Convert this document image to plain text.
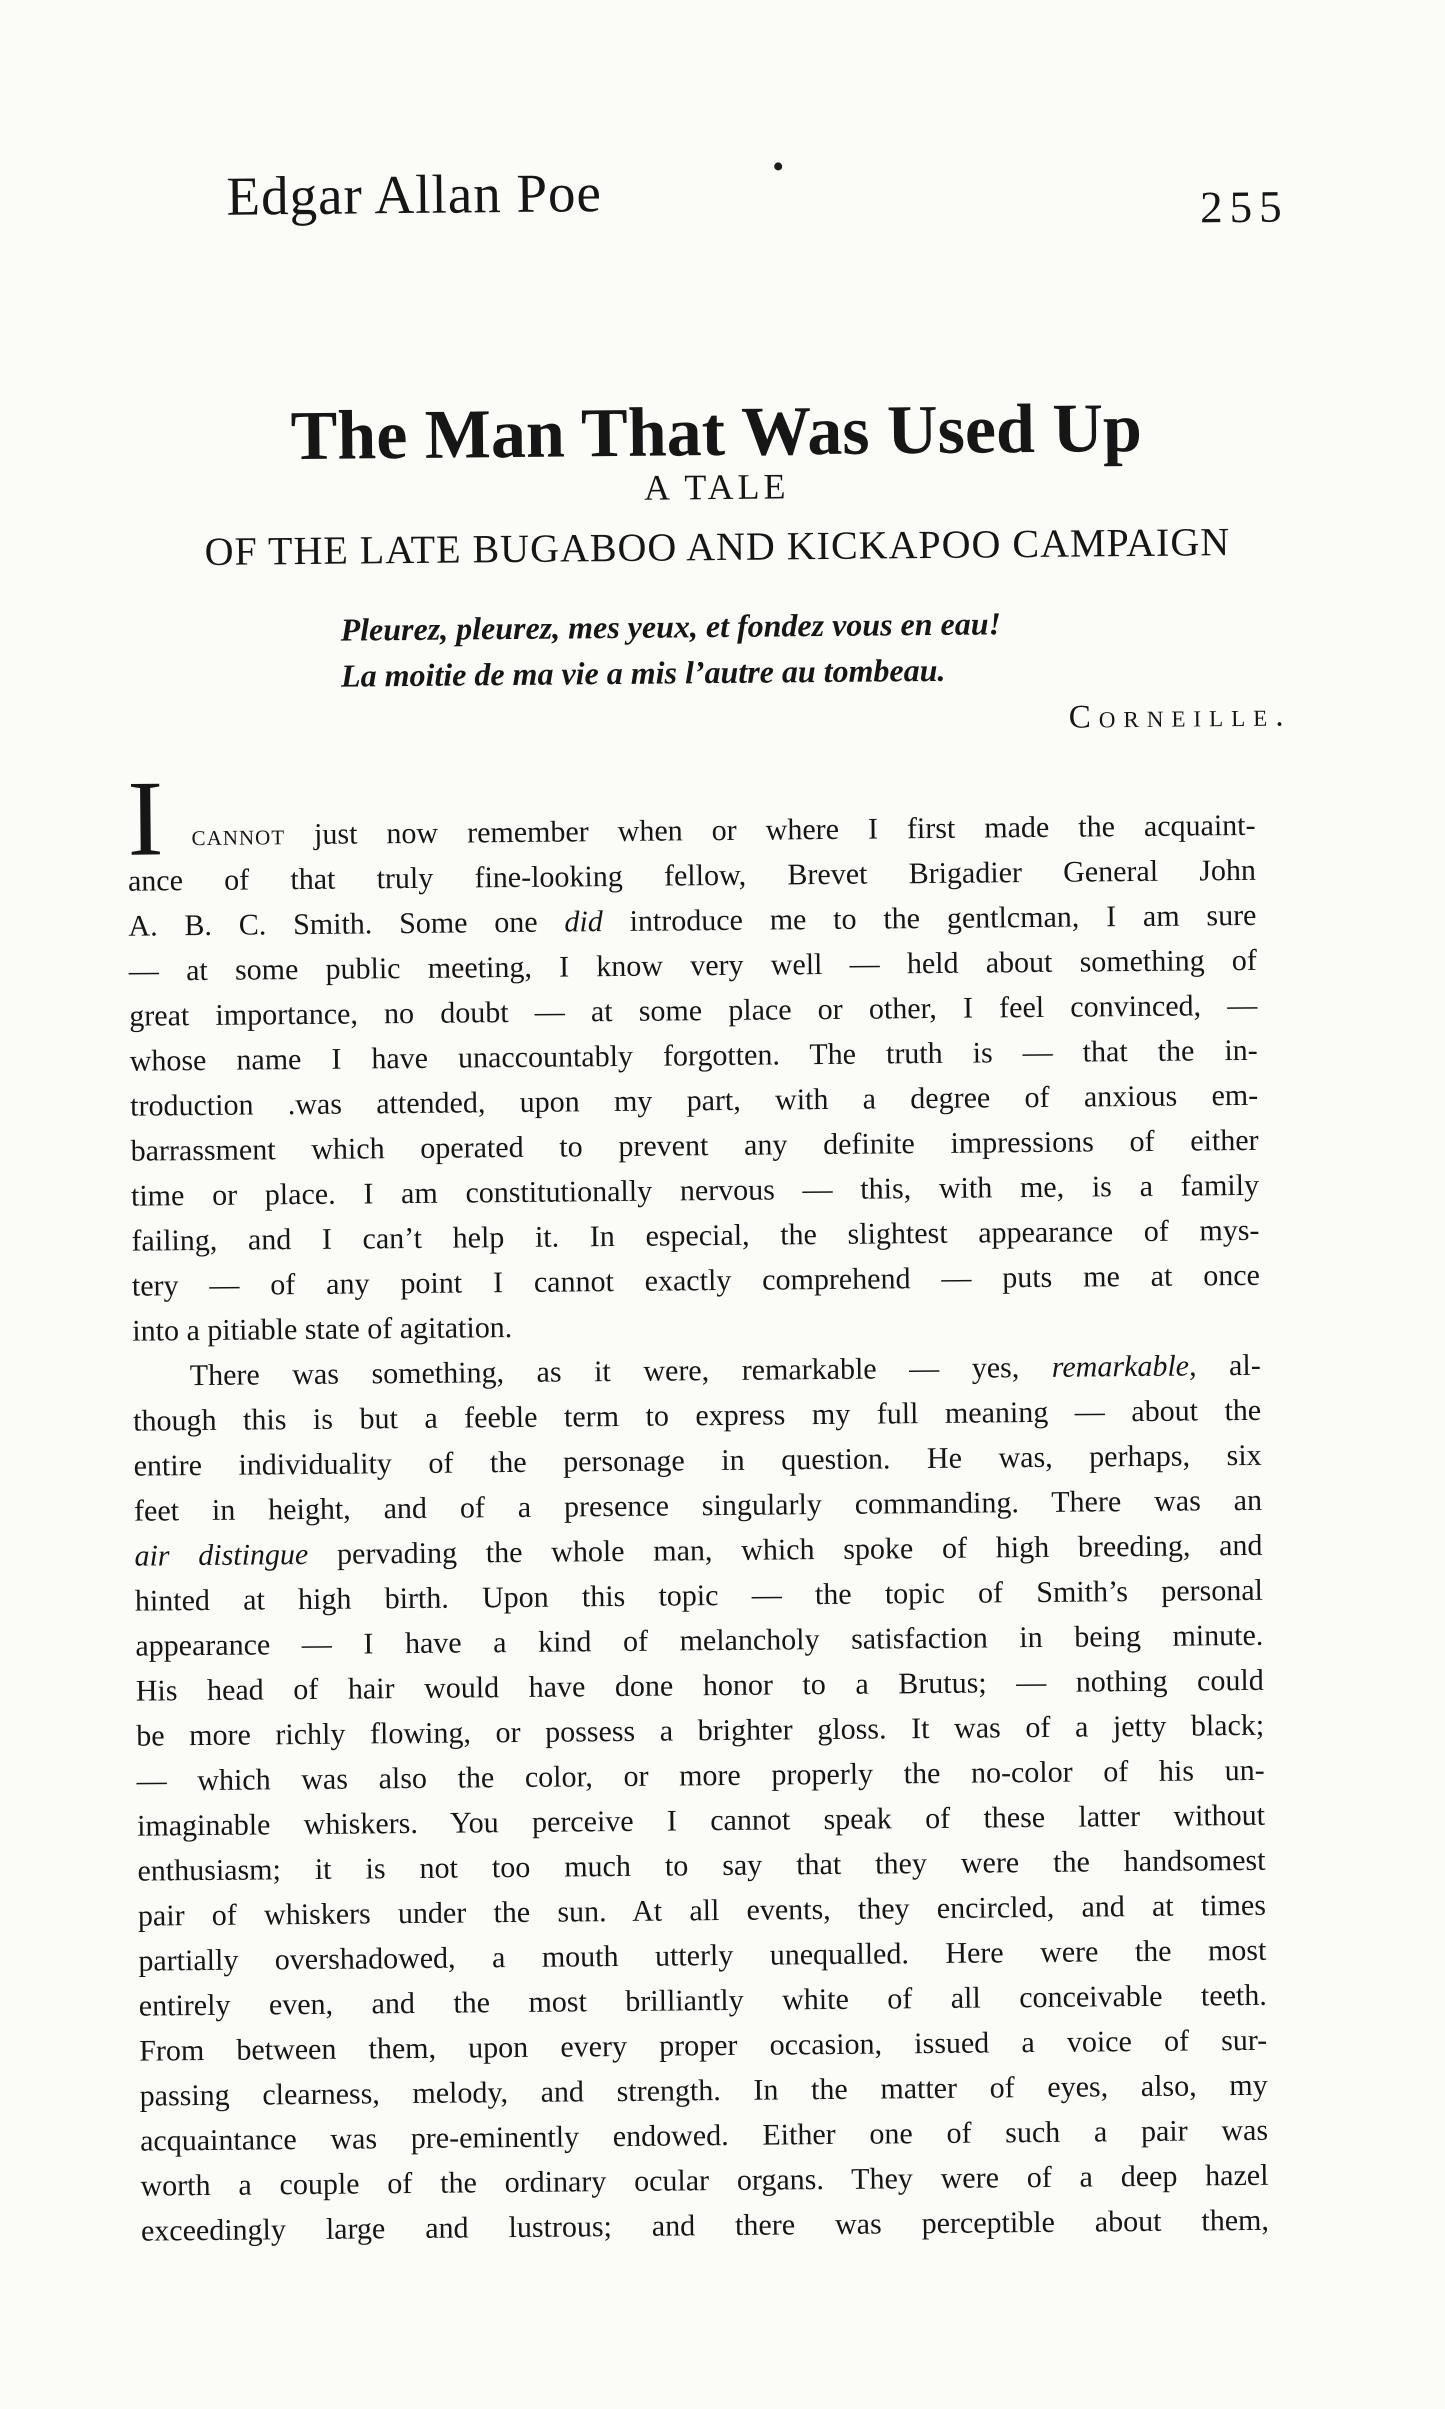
Edgar Allan Poe	255
The Man That Was Used Up
A TALE
OF THE LATE BUGABOO AND KICKAPOO CAMPAIGN
Pleurez, pleurez, mes yeux, et fondez vous en eau!
La moitie de ma vie a mis l’autre au tombeau.
Corneille.
I cannot just now remember when or where I first made the acquaint-
ance of that truly fine-looking fellow, Brevet Brigadier General John
A. B. C. Smith. Some one did introduce me to the gentlcman, I am sure
— at some public meeting, I know very well — held about something of
great importance, no doubt — at some place or other, I feel convinced, —
whose name I have unaccountably forgotten. The truth is — that the in-
troduction .was attended, upon my part, with a degree of anxious em-
barrassment which operated to prevent any definite impressions of either
time or place. I am constitutionally nervous — this, with me, is a family
failing, and I can’t help it. In especial, the slightest appearance of mys-
tery — of any point I cannot exactly comprehend — puts me at once
into a pitiable state of agitation.
There was something, as it were, remarkable — yes, remarkable, al-
though this is but a feeble term to express my full meaning — about the
entire individuality of the personage in question. He was, perhaps, six
feet in height, and of a presence singularly commanding. There was an
air distingue pervading the whole man, which spoke of high breeding, and
hinted at high birth. Upon this topic — the topic of Smith’s personal
appearance — I have a kind of melancholy satisfaction in being minute.
His head of hair would have done honor to a Brutus; — nothing could
be more richly flowing, or possess a brighter gloss. It was of a jetty black;
— which was also the color, or more properly the no-color of his un-
imaginable whiskers. You perceive I cannot speak of these latter without
enthusiasm; it is not too much to say that they were the handsomest
pair of whiskers under the sun. At all events, they encircled, and at times
partially overshadowed, a mouth utterly unequalled. Here were the most
entirely even, and the most brilliantly white of all conceivable teeth.
From between them, upon every proper occasion, issued a voice of sur-
passing clearness, melody, and strength. In the matter of eyes, also, my
acquaintance was pre-eminently endowed. Either one of such a pair was
worth a couple of the ordinary ocular organs. They were of a deep hazel
exceedingly large and lustrous; and there was perceptible about them,
